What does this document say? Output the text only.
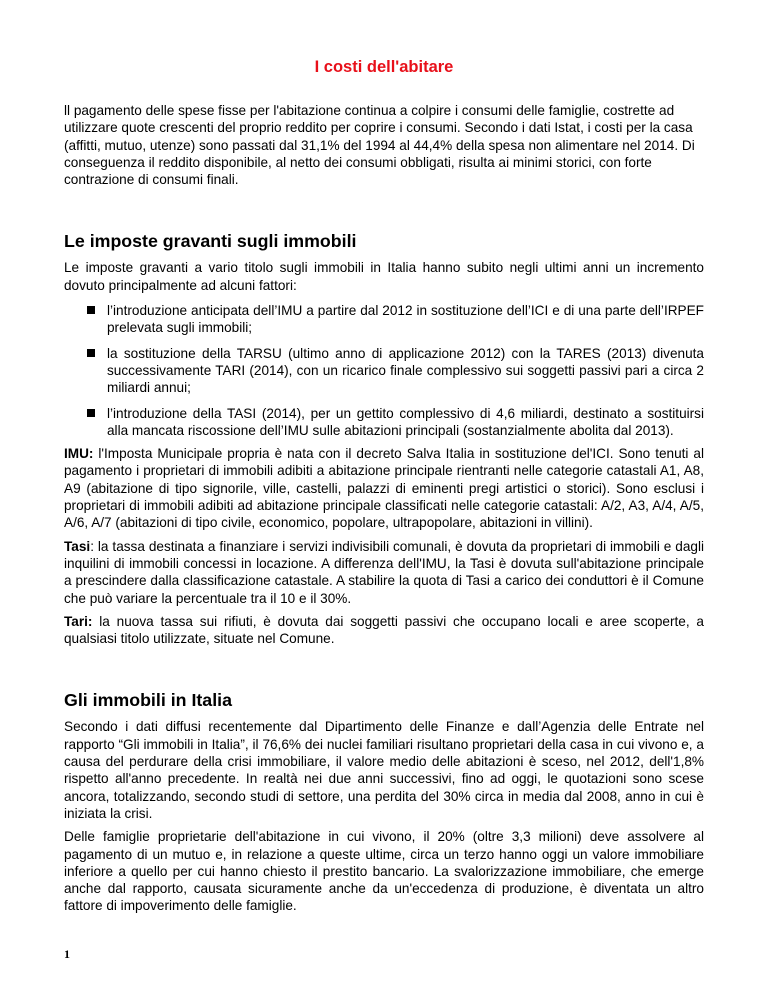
I costi dell'abitare

ll pagamento delle spese fisse per l'abitazione continua a colpire i consumi delle famiglie, costrette ad utilizzare quote crescenti del proprio reddito per coprire i consumi. Secondo i dati Istat, i costi per la casa (affitti, mutuo, utenze) sono passati dal 31,1% del 1994 al 44,4% della spesa non alimentare nel 2014. Di conseguenza il reddito disponibile, al netto dei consumi obbligati, risulta ai minimi storici, con forte contrazione di consumi finali.

Le imposte gravanti sugli immobili

Le imposte gravanti a vario titolo sugli immobili in Italia hanno subito negli ultimi anni un incremento dovuto principalmente ad alcuni fattori:

l’introduzione anticipata dell’IMU a partire dal 2012 in sostituzione dell’ICI e di una parte dell’IRPEF prelevata sugli immobili;
la sostituzione della TARSU (ultimo anno di applicazione 2012) con la TARES (2013) divenuta successivamente TARI (2014), con un ricarico finale complessivo sui soggetti passivi pari a circa 2 miliardi annui;
l’introduzione della TASI (2014), per un gettito complessivo di 4,6 miliardi, destinato a sostituirsi alla mancata riscossione dell’IMU sulle abitazioni principali (sostanzialmente abolita dal 2013).

IMU: l'Imposta Municipale propria è nata con il decreto Salva Italia in sostituzione del'ICI. Sono tenuti al pagamento i proprietari di immobili adibiti a abitazione principale rientranti nelle categorie catastali A1, A8, A9 (abitazione di tipo signorile, ville, castelli, palazzi di eminenti pregi artistici o storici). Sono esclusi i proprietari di immobili adibiti ad abitazione principale classificati nelle categorie catastali: A/2, A3, A/4, A/5, A/6, A/7 (abitazioni di tipo civile, economico, popolare, ultrapopolare, abitazioni in villini).

Tasi: la tassa destinata a finanziare i servizi indivisibili comunali, è dovuta da proprietari di immobili e dagli inquilini di immobili concessi in locazione. A differenza dell'IMU, la Tasi è dovuta sull'abitazione principale a prescindere dalla classificazione catastale. A stabilire la quota di Tasi a carico dei conduttori è il Comune che può variare la percentuale tra il 10 e il 30%.

Tari: la nuova tassa sui rifiuti, è dovuta dai soggetti passivi che occupano locali e aree scoperte, a qualsiasi titolo utilizzate, situate nel Comune.

Gli immobili in Italia

Secondo i dati diffusi recentemente dal Dipartimento delle Finanze e dall’Agenzia delle Entrate nel rapporto “Gli immobili in Italia”, il 76,6% dei nuclei familiari risultano proprietari della casa in cui vivono e, a causa del perdurare della crisi immobiliare, il valore medio delle abitazioni è sceso, nel 2012, dell'1,8% rispetto all'anno precedente. In realtà nei due anni successivi, fino ad oggi, le quotazioni sono scese ancora, totalizzando, secondo studi di settore, una perdita del 30% circa in media dal 2008, anno in cui è iniziata la crisi.

Delle famiglie proprietarie dell'abitazione in cui vivono, il 20% (oltre 3,3 milioni) deve assolvere al pagamento di un mutuo e, in relazione a queste ultime, circa un terzo hanno oggi un valore immobiliare inferiore a quello per cui hanno chiesto il prestito bancario. La svalorizzazione immobiliare, che emerge anche dal rapporto, causata sicuramente anche da un'eccedenza di produzione, è diventata un altro fattore di impoverimento delle famiglie.

1
